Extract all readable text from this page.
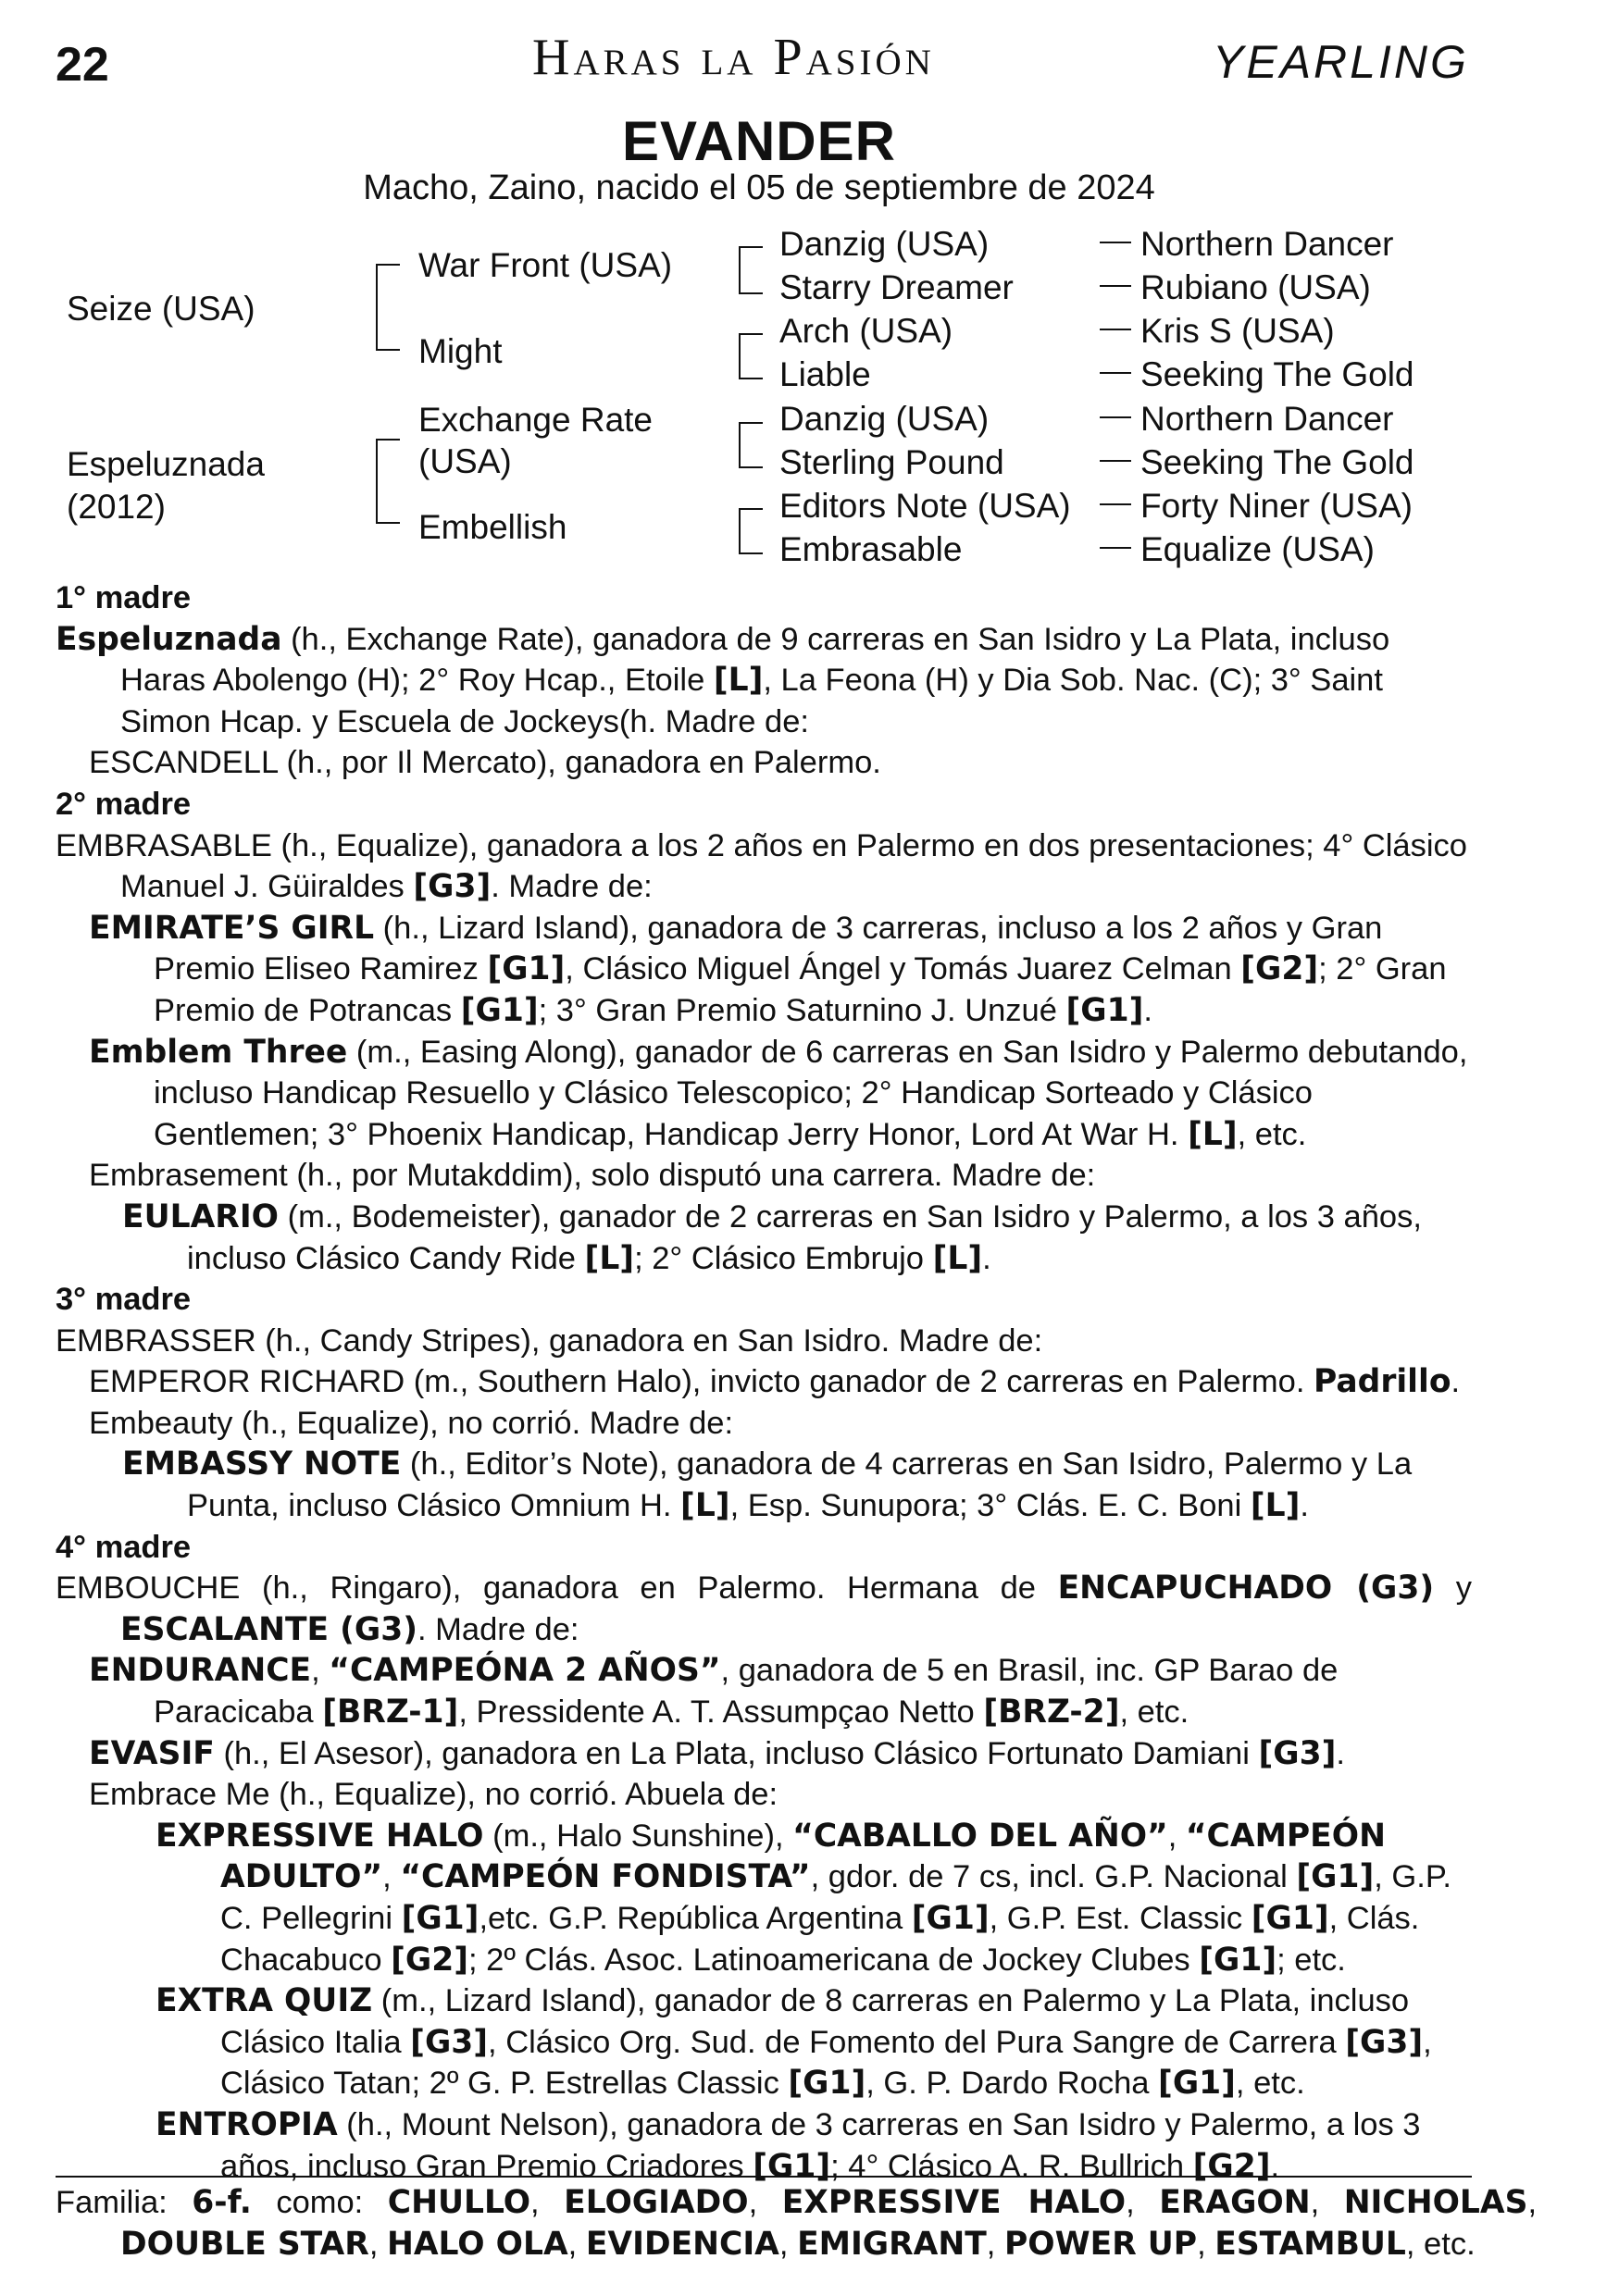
22	Haras la Pasión	YEARLING
EVANDER
Macho, Zaino, nacido el 05 de septiembre de 2024
Seize (USA)
Espeluznada
(2012)
War Front (USA)
Might
Exchange Rate
(USA)
Embellish
Danzig (USA)
Starry Dreamer
Arch (USA)
Liable
Danzig (USA)
Sterling Pound
Editors Note (USA)
Embrasable
Northern Dancer
Rubiano (USA)
Kris S (USA)
Seeking The Gold
Northern Dancer
Seeking The Gold
Forty Niner (USA)
Equalize (USA)

1° madre

Espeluznada (h., Exchange Rate), ganadora de 9 carreras en San Isidro y La Plata, incluso Haras Abolengo (H); 2° Roy Hcap., Etoile [L], La Feona (H) y Dia Sob. Nac. (C); 3° Saint Simon Hcap. y Escuela de Jockeys(h. Madre de:

ESCANDELL (h., por Il Mercato), ganadora en Palermo.

2° madre

EMBRASABLE (h., Equalize), ganadora a los 2 años en Palermo en dos presentaciones; 4° Clásico Manuel J. Güiraldes [G3]. Madre de:

EMIRATE’S GIRL (h., Lizard Island), ganadora de 3 carreras, incluso a los 2 años y Gran Premio Eliseo Ramirez [G1], Clásico Miguel Ángel y Tomás Juarez Celman [G2]; 2° Gran Premio de Potrancas [G1]; 3° Gran Premio Saturnino J. Unzué [G1].

Emblem Three (m., Easing Along), ganador de 6 carreras en San Isidro y Palermo debutando, incluso Handicap Resuello y Clásico Telescopico; 2° Handicap Sorteado y Clásico Gentlemen; 3° Phoenix Handicap, Handicap Jerry Honor, Lord At War H. [L], etc.

Embrasement (h., por Mutakddim), solo disputó una carrera. Madre de:

EULARIO (m., Bodemeister), ganador de 2 carreras en San Isidro y Palermo, a los 3 años, incluso Clásico Candy Ride [L]; 2° Clásico Embrujo [L].

3° madre

EMBRASSER (h., Candy Stripes), ganadora en San Isidro. Madre de:

EMPEROR RICHARD (m., Southern Halo), invicto ganador de 2 carreras en Palermo. Padrillo.

Embeauty (h., Equalize), no corrió. Madre de:

EMBASSY NOTE (h., Editor’s Note), ganadora de 4 carreras en San Isidro, Palermo y La Punta, incluso Clásico Omnium H. [L], Esp. Sunupora; 3° Clás. E. C. Boni [L].

4° madre

EMBOUCHE (h., Ringaro), ganadora en Palermo. Hermana de ENCAPUCHADO (G3) y ESCALANTE (G3). Madre de:

ENDURANCE, “CAMPEÓNA 2 AÑOS”, ganadora de 5 en Brasil, inc. GP Barao de Paracicaba [BRZ-1], Pressidente A. T. Assumpçao Netto [BRZ-2], etc.

EVASIF (h., El Asesor), ganadora en La Plata, incluso Clásico Fortunato Damiani [G3].

Embrace Me (h., Equalize), no corrió. Abuela de:

EXPRESSIVE HALO (m., Halo Sunshine), “CABALLO DEL AÑO”, “CAMPEÓN ADULTO”, “CAMPEÓN FONDISTA”, gdor. de 7 cs, incl. G.P. Nacional [G1], G.P. C. Pellegrini [G1],etc. G.P. República Argentina [G1], G.P. Est. Classic [G1], Clás. Chacabuco [G2]; 2º Clás. Asoc. Latinoamericana de Jockey Clubes [G1]; etc.

EXTRA QUIZ (m., Lizard Island), ganador de 8 carreras en Palermo y La Plata, incluso Clásico Italia [G3], Clásico Org. Sud. de Fomento del Pura Sangre de Carrera [G3], Clásico Tatan; 2º G. P. Estrellas Classic [G1], G. P. Dardo Rocha [G1], etc.

ENTROPIA (h., Mount Nelson), ganadora de 3 carreras en San Isidro y Palermo, a los 3 años, incluso Gran Premio Criadores [G1]; 4° Clásico A. R. Bullrich [G2].

Familia: 6-f. como: CHULLO, ELOGIADO, EXPRESSIVE HALO, ERAGON, NICHOLAS, DOUBLE STAR, HALO OLA, EVIDENCIA, EMIGRANT, POWER UP, ESTAMBUL, etc.
